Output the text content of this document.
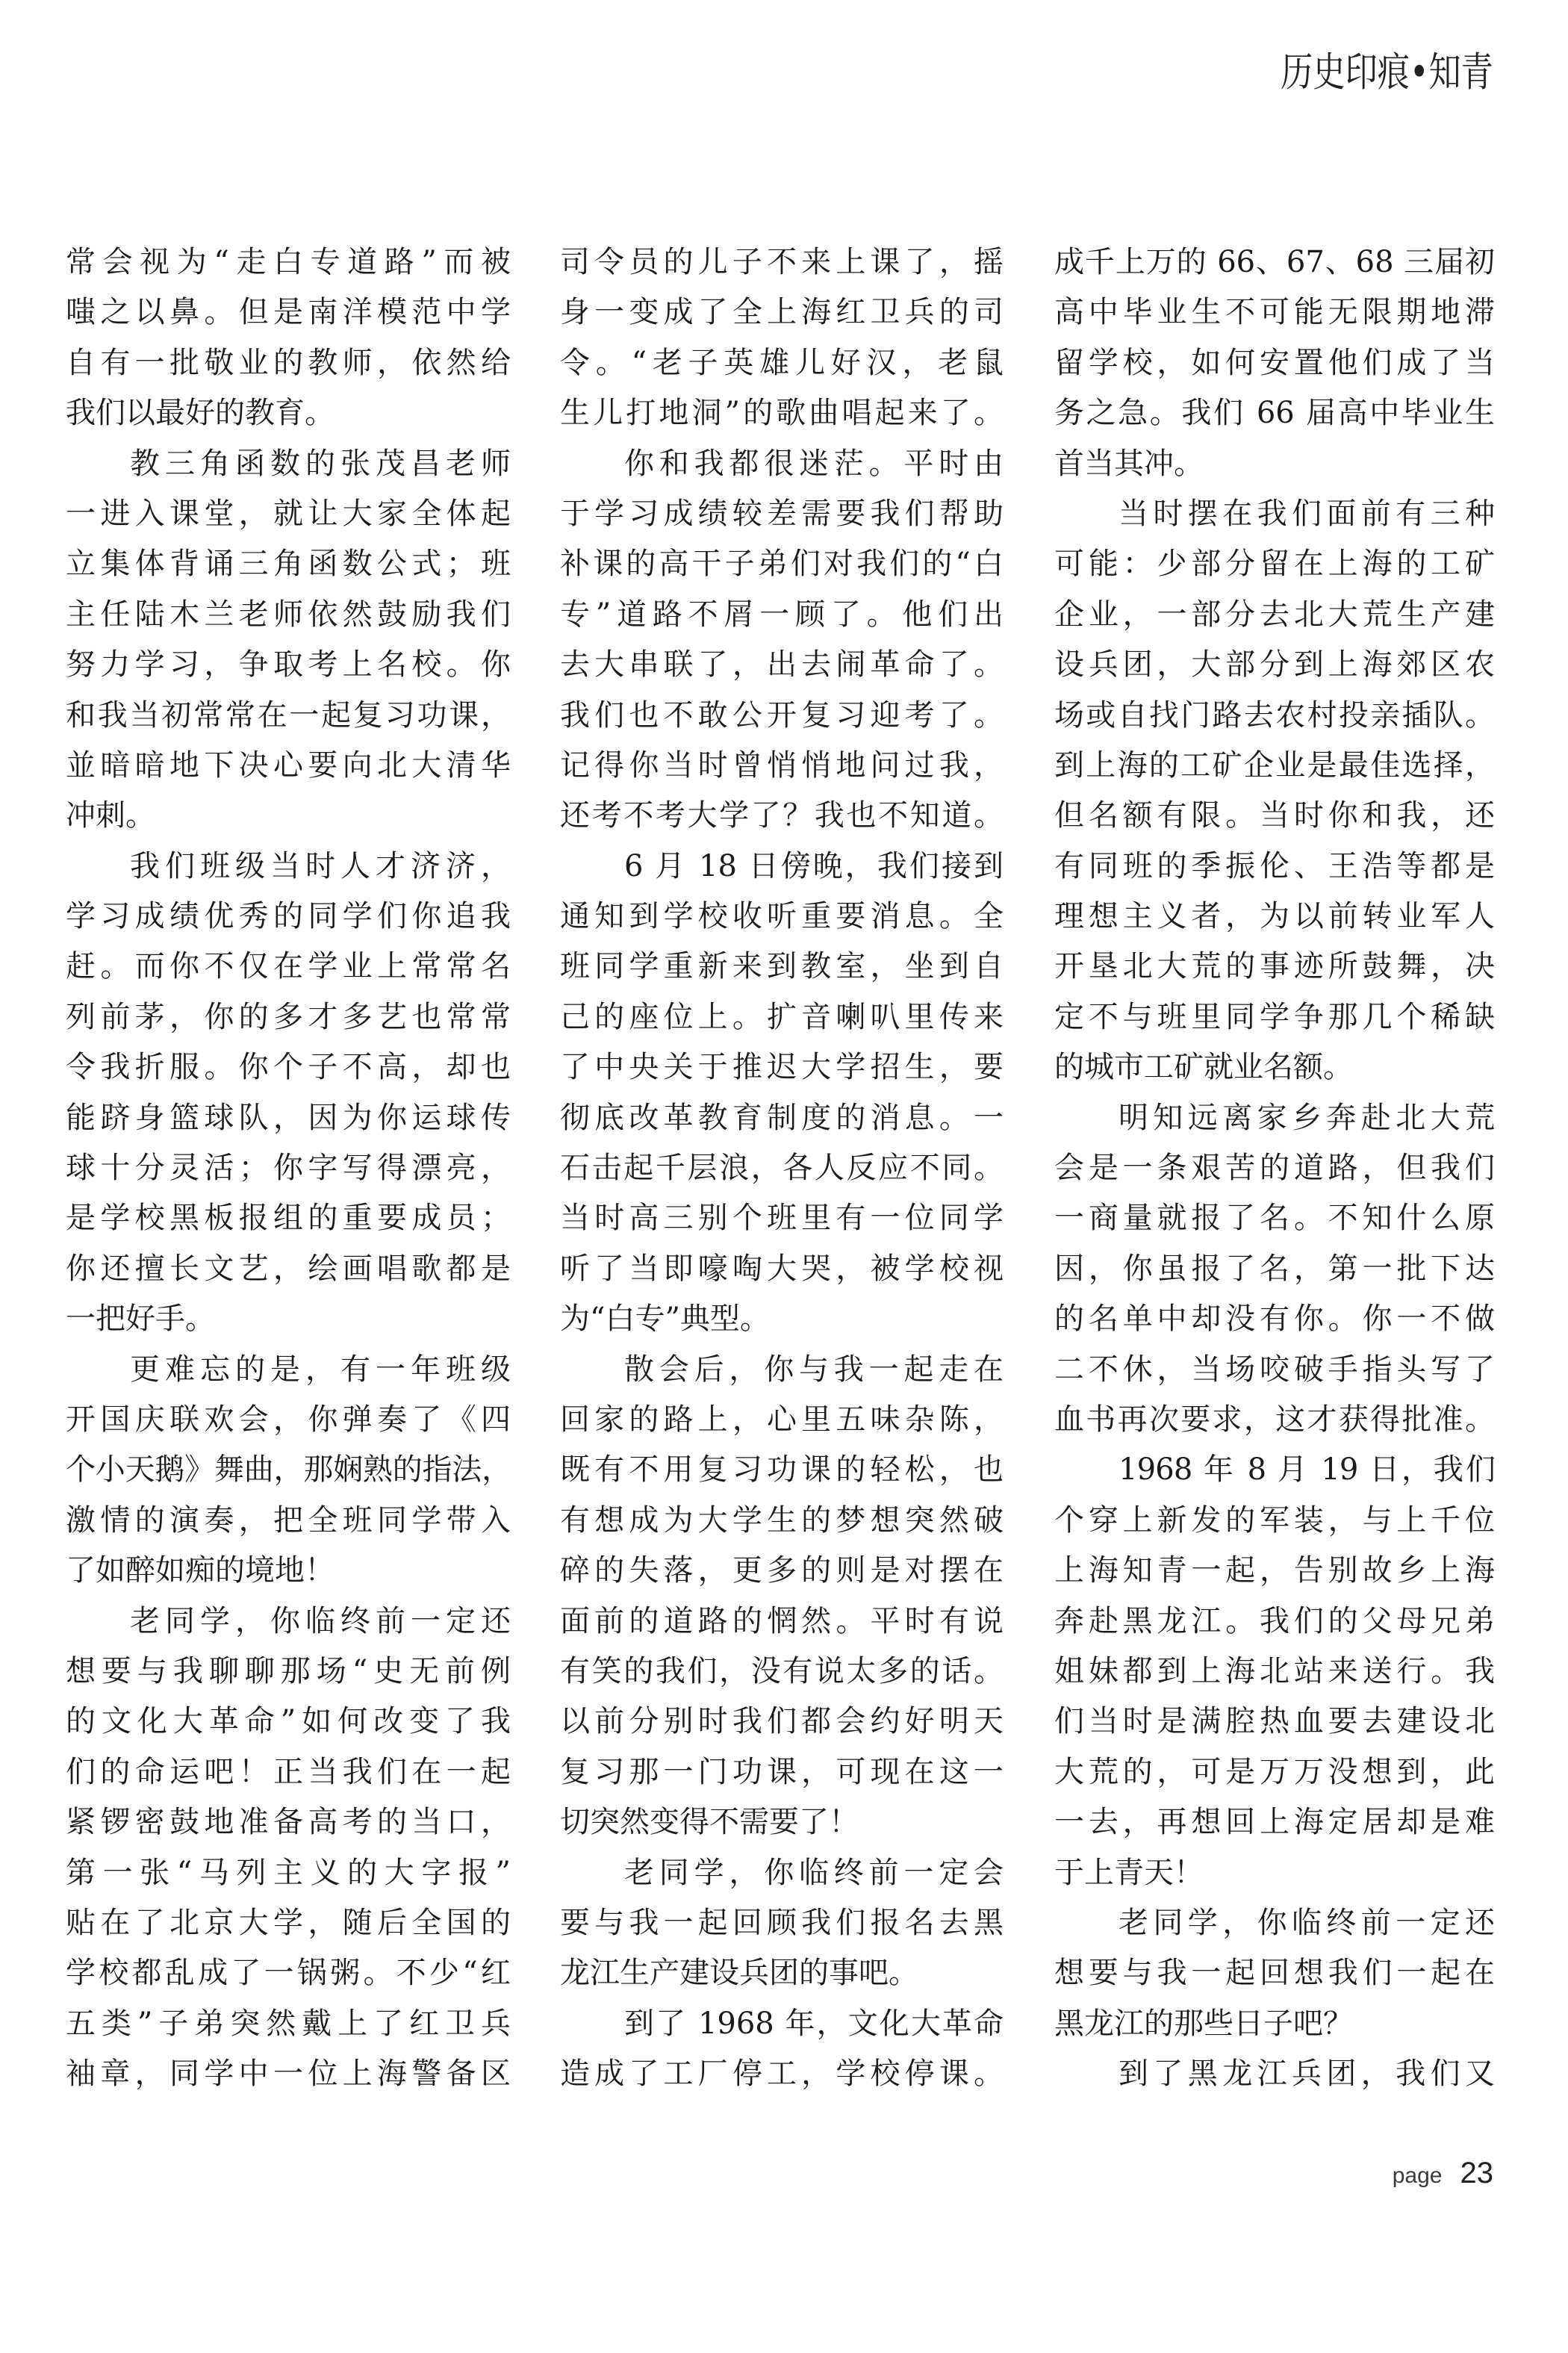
历史印痕•知青
常会视为“走白专道路”而被
嗤之以鼻。但是南洋模范中学
自有一批敬业的教师，依然给
我们以最好的教育。
教三角函数的张茂昌老师
一进入课堂，就让大家全体起
立集体背诵三角函数公式；班
主任陆木兰老师依然鼓励我们
努力学习，争取考上名校。你
和我当初常常在一起复习功课，
並暗暗地下决心要向北大清华
冲刺。
我们班级当时人才济济，
学习成绩优秀的同学们你追我
赶。而你不仅在学业上常常名
列前茅，你的多才多艺也常常
令我折服。你个子不高，却也
能跻身篮球队，因为你运球传
球十分灵活；你字写得漂亮，
是学校黑板报组的重要成员；
你还擅长文艺，绘画唱歌都是
一把好手。
更难忘的是，有一年班级
开国庆联欢会，你弹奏了《四
个小天鹅》舞曲，那娴熟的指法，
激情的演奏，把全班同学带入
了如醉如痴的境地！
老同学，你临终前一定还
想要与我聊聊那场“史无前例
的文化大革命”如何改变了我
们的命运吧！正当我们在一起
紧锣密鼓地准备高考的当口，
第一张“马列主义的大字报”
贴在了北京大学，随后全国的
学校都乱成了一锅粥。不少“红
五类”子弟突然戴上了红卫兵
袖章，同学中一位上海警备区
司令员的儿子不来上课了，摇
身一变成了全上海红卫兵的司
令。“老子英雄儿好汉，老鼠
生儿打地洞”的歌曲唱起来了。
你和我都很迷茫。平时由
于学习成绩较差需要我们帮助
补课的高干子弟们对我们的“白
专”道路不屑一顾了。他们出
去大串联了，出去闹革命了。
我们也不敢公开复习迎考了。
记得你当时曾悄悄地问过我，
还考不考大学了？我也不知道。
6 月 18 日傍晚，我们接到
通知到学校收听重要消息。全
班同学重新来到教室，坐到自
己的座位上。扩音喇叭里传来
了中央关于推迟大学招生，要
彻底改革教育制度的消息。一
石击起千层浪，各人反应不同。
当时高三别个班里有一位同学
听了当即嚎啕大哭，被学校视
为“白专”典型。
散会后，你与我一起走在
回家的路上，心里五味杂陈，
既有不用复习功课的轻松，也
有想成为大学生的梦想突然破
碎的失落，更多的则是对摆在
面前的道路的惘然。平时有说
有笑的我们，没有说太多的话。
以前分别时我们都会约好明天
复习那一门功课，可现在这一
切突然变得不需要了！
老同学，你临终前一定会
要与我一起回顾我们报名去黑
龙江生产建设兵团的事吧。
到了 1968 年，文化大革命
造成了工厂停工，学校停课。
成千上万的 66、67、68 三届初
高中毕业生不可能无限期地滞
留学校，如何安置他们成了当
务之急。我们 66 届高中毕业生
首当其冲。
当时摆在我们面前有三种
可能：少部分留在上海的工矿
企业，一部分去北大荒生产建
设兵团，大部分到上海郊区农
场或自找门路去农村投亲插队。
到上海的工矿企业是最佳选择，
但名额有限。当时你和我，还
有同班的季振伦、王浩等都是
理想主义者，为以前转业军人
开垦北大荒的事迹所鼓舞，决
定不与班里同学争那几个稀缺
的城市工矿就业名额。
明知远离家乡奔赴北大荒
会是一条艰苦的道路，但我们
一商量就报了名。不知什么原
因，你虽报了名，第一批下达
的名单中却没有你。你一不做
二不休，当场咬破手指头写了
血书再次要求，这才获得批准。
1968 年 8 月 19 日，我们
个穿上新发的军装，与上千位
上海知青一起，告别故乡上海
奔赴黑龙江。我们的父母兄弟
姐妹都到上海北站来送行。我
们当时是满腔热血要去建设北
大荒的，可是万万没想到，此
一去，再想回上海定居却是难
于上青天！
老同学，你临终前一定还
想要与我一起回想我们一起在
黑龙江的那些日子吧？
到了黑龙江兵团，我们又
page 23
